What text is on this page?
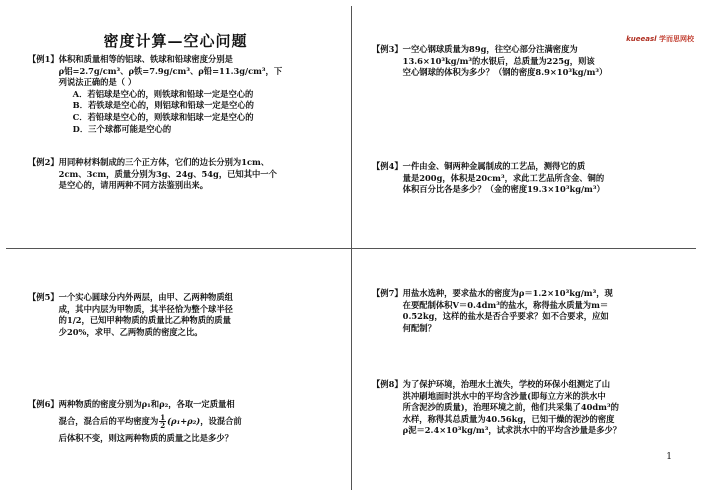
密度计算—空心问题	kueeasl 学而思网校
【例1】 体积和质量相等的铝球、铁球和铅球密度分别是
ρ铝=2.7g/cm³、ρ铁=7.9g/cm³、ρ铅=11.3g/cm³，下
列说法正确的是（ ）
A．若铝球是空心的，则铁球和铅球一定是空心的
B．若铁球是空心的，则铝球和铅球一定是空心的
C．若铅球是空心的，则铁球和铝球一定是空心的
D．三个球都可能是空心的
【例2】 用同种材料制成的三个正方体，它们的边长分别为1cm、
2cm、3cm，质量分别为3g、24g、54g，已知其中一个
是空心的，请用两种不同方法鉴别出来。
【例3】 一空心钢球质量为89g，往空心部分注满密度为
13.6×10³kg/m³的水银后，总质量为225g，则该
空心钢球的体积为多少？（钢的密度8.9×10³kg/m³）
【例4】 一件由金、铜两种金属制成的工艺品，测得它的质
量是200g，体积是20cm³，求此工艺品所含金、铜的
体积百分比各是多少？（金的密度19.3×10³kg/m³）
【例5】 一个实心圆球分内外两层，由甲、乙两种物质组
成，其中内层为甲物质，其半径恰为整个球半径
的1/2，已知甲种物质的质量比乙种物质的质量
少20%，求甲、乙两物质的密度之比。
【例6】 两种物质的密度分别为ρ₁和ρ₂，各取一定质量相
混合，混合后的平均密度为 $\frac{1}{2} (\rho_1+\rho_2)$，设混合前
后体积不变，则这两种物质的质量之比是多少？
【例7】 用盐水选种，要求盐水的密度为ρ＝1.2×10³kg/m³，现
在要配制体积V＝0.4dm³的盐水，称得盐水质量为m＝
0.52kg，这样的盐水是否合乎要求？如不合要求，应如
何配制？
【例8】 为了保护环境，治理水土流失，学校的环保小组测定了山
洪冲刷地面时洪水中的平均含沙量(即每立方米的洪水中
所含泥沙的质量)，治理环境之前，他们共采集了40dm³的
水样，称得其总质量为40.56kg，已知干燥的泥沙的密度
ρ泥＝2.4×10³kg/m³，试求洪水中的平均含沙量是多少？
1
